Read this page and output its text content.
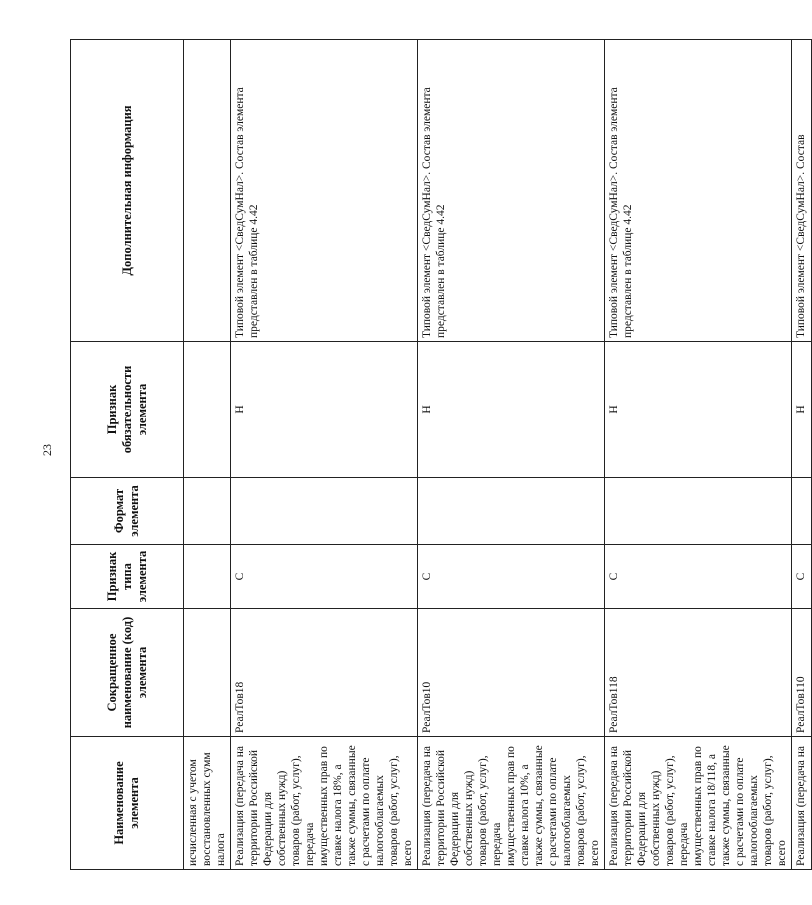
23
Наименование элемента	Сокращенное наименование (код) элемента	Признак типа элемента	Формат элемента	Признак обязательности элемента	Дополнительная информация
исчисленная с учетом восстановленных сумм налога					
Реализация (передача на территории Российской Федерации для собственных нужд) товаров (работ, услуг), передача имущественных прав по ставке налога 18%, а также суммы, связанные с расчетами по оплате налогооблагаемых товаров (работ, услуг), всего	РеалТов18	С		Н	Типовой элемент <СведСумНал>. Состав элемента представлен в таблице 4.42
Реализация (передача на территории Российской Федерации для собственных нужд) товаров (работ, услуг), передача имущественных прав по ставке налога 10%, а также суммы, связанные с расчетами по оплате налогооблагаемых товаров (работ, услуг), всего	РеалТов10	С		Н	Типовой элемент <СведСумНал>. Состав элемента представлен в таблице 4.42
Реализация (передача на территории Российской Федерации для собственных нужд) товаров (работ, услуг), передача имущественных прав по ставке налога 18/118, а также суммы, связанные с расчетами по оплате налогооблагаемых товаров (работ, услуг), всего	РеалТов118	С		Н	Типовой элемент <СведСумНал>. Состав элемента представлен в таблице 4.42
Реализация (передача на	РеалТов110	С		Н	Типовой элемент <СведСумНал>. Состав
